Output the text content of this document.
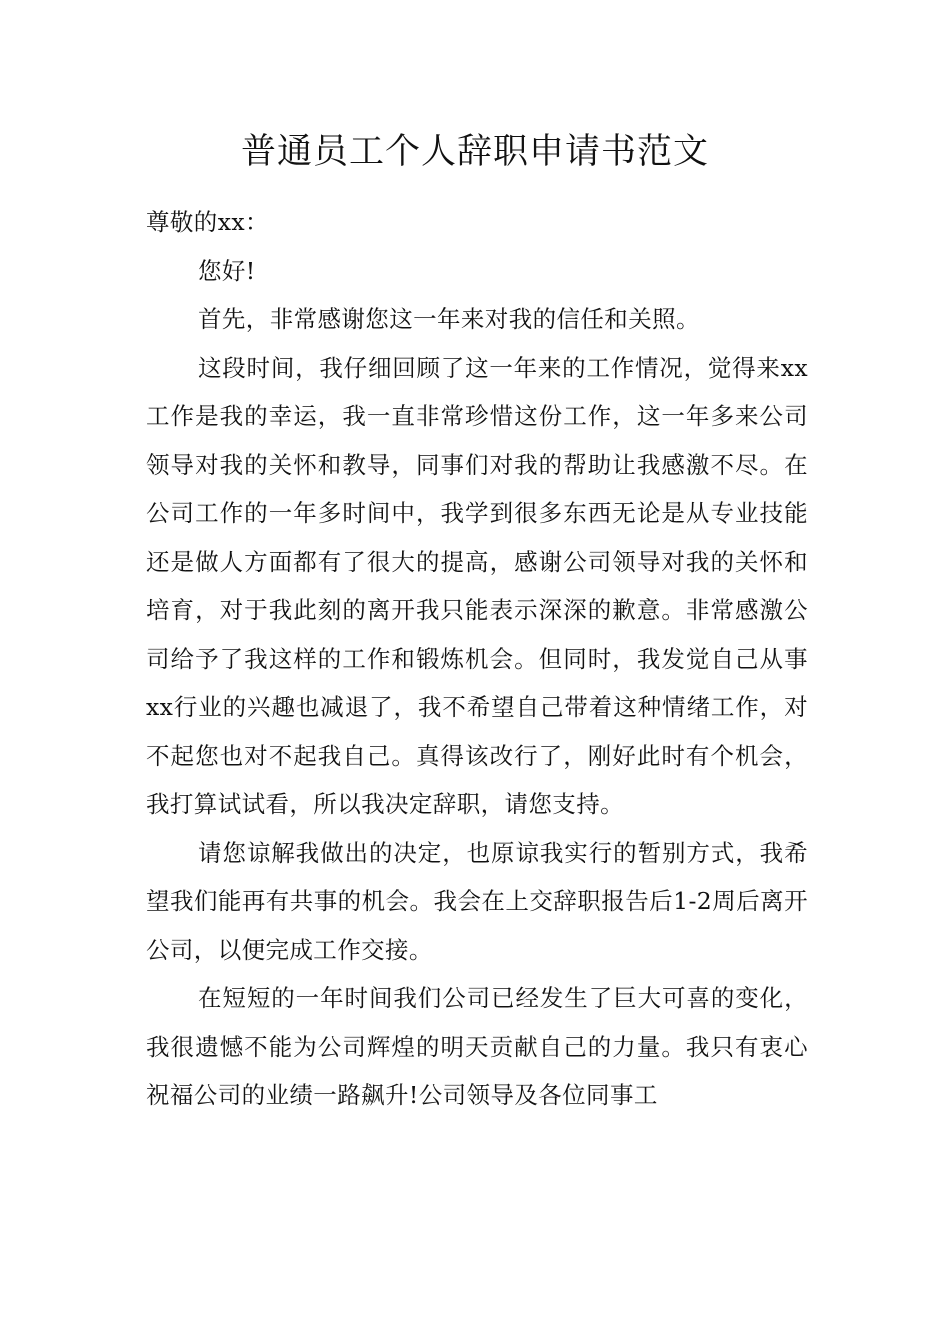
普通员工个人辞职申请书范文

尊敬的xx：

您好!

首先，非常感谢您这一年来对我的信任和关照。

这段时间，我仔细回顾了这一年来的工作情况，觉得来xx工作是我的幸运，我一直非常珍惜这份工作，这一年多来公司领导对我的关怀和教导，同事们对我的帮助让我感激不尽。在公司工作的一年多时间中，我学到很多东西无论是从专业技能还是做人方面都有了很大的提高，感谢公司领导对我的关怀和培育，对于我此刻的离开我只能表示深深的歉意。非常感激公司给予了我这样的工作和锻炼机会。但同时，我发觉自己从事xx行业的兴趣也减退了，我不希望自己带着这种情绪工作，对不起您也对不起我自己。真得该改行了，刚好此时有个机会，我打算试试看，所以我决定辞职，请您支持。

请您谅解我做出的决定，也原谅我实行的暂别方式，我希望我们能再有共事的机会。我会在上交辞职报告后1-2周后离开公司，以便完成工作交接。

在短短的一年时间我们公司已经发生了巨大可喜的变化，我很遗憾不能为公司辉煌的明天贡献自己的力量。我只有衷心祝福公司的业绩一路飙升!公司领导及各位同事工
